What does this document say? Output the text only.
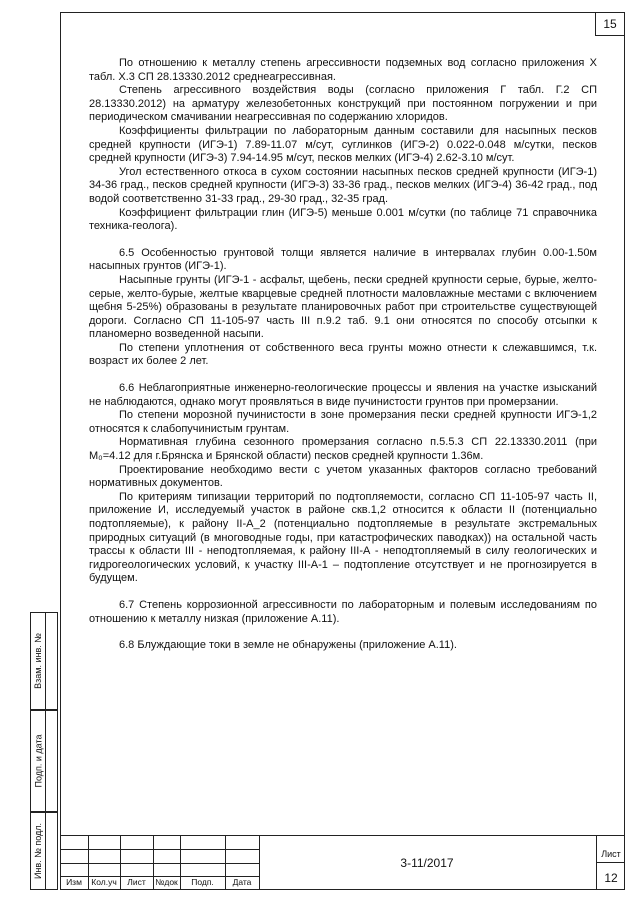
15

По отношению к металлу степень агрессивности подземных вод согласно приложения Х табл. Х.3 СП 28.13330.2012 среднеагрессивная.

Степень агрессивного воздействия воды (согласно приложения Г табл. Г.2 СП 28.13330.2012) на арматуру железобетонных конструкций при постоянном погружении и при периодическом смачивании неагрессивная по содержанию хлоридов.

Коэффициенты фильтрации по лабораторным данным составили для насыпных песков средней крупности (ИГЭ-1) 7.89-11.07 м/сут, суглинков (ИГЭ-2) 0.022-0.048 м/сутки, песков средней крупности (ИГЭ-3) 7.94-14.95 м/сут, песков мелких (ИГЭ-4) 2.62-3.10 м/сут.

Угол естественного откоса в сухом состоянии насыпных песков средней крупности (ИГЭ-1) 34-36 град., песков средней крупности (ИГЭ-3) 33-36 град., песков мелких (ИГЭ-4) 36-42 град., под водой соответственно 31-33 град., 29-30 град., 32-35 град.

Коэффициент фильтрации глин (ИГЭ-5) меньше 0.001 м/сутки (по таблице 71 справочника техника-геолога).

6.5 Особенностью грунтовой толщи является наличие в интервалах глубин 0.00-1.50м насыпных грунтов (ИГЭ-1).

Насыпные грунты (ИГЭ-1 - асфальт, щебень, пески средней крупности серые, бурые, желто-серые, желто-бурые, желтые кварцевые средней плотности маловлажные местами с включением щебня 5-25%) образованы в результате планировочных работ при строительстве существующей дороги. Согласно СП 11-105-97 часть III п.9.2 таб. 9.1 они относятся по способу отсыпки к планомерно возведенной насыпи.

По степени уплотнения от собственного веса грунты можно отнести к слежавшимся, т.к. возраст их более 2 лет.

6.6 Неблагоприятные инженерно-геологические процессы и явления на участке изысканий не наблюдаются, однако могут проявляться в виде пучинистости грунтов при промерзании.

По степени морозной пучинистости в зоне промерзания пески средней крупности ИГЭ-1,2 относятся к слабопучинистым грунтам.

Нормативная глубина сезонного промерзания согласно п.5.5.3 СП 22.13330.2011 (при M₀=4.12 для г.Брянска и Брянской области) песков средней крупности 1.36м.

Проектирование необходимо вести с учетом указанных факторов согласно требований нормативных документов.

По критериям типизации территорий по подтопляемости, согласно СП 11-105-97 часть II, приложение И, исследуемый участок в районе скв.1,2 относится к области II (потенциально подтопляемые), к району II-А_2 (потенциально подтопляемые в результате экстремальных природных ситуаций (в многоводные годы, при катастрофических паводках)) на остальной часть трассы к области III - неподтопляемая, к району III-А - неподтопляемый в силу геологических и гидрогеологических условий, к участку III-А-1 – подтопление отсутствует и не прогнозируется в будущем.

6.7 Степень коррозионной агрессивности по лабораторным и полевым исследованиям по отношению к металлу низкая (приложение А.11).

6.8 Блуждающие токи в земле не обнаружены (приложение А.11).

Взам. инв. №
Подп. и дата
Инв. № подл.
Изм	Кол.уч	Лист	№док	Подп.	Дата
3-11/2017
Лист
12
